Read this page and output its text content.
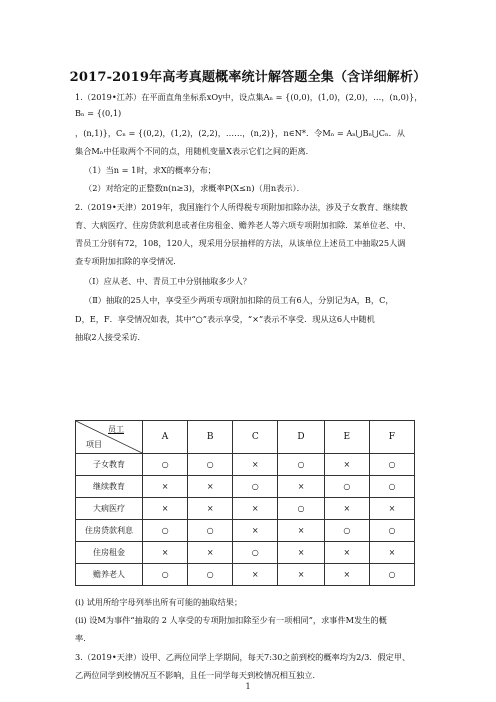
2017-2019年高考真题概率统计解答题全集（含详细解析）
1.（2019•江苏）在平面直角坐标系xOy中，设点集Aₙ = {(0,0)，(1,0)，(2,0)，…，(n,0)}，
Bₙ = {(0,1)
，(n,1)}，Cₙ = {(0,2)，(1,2)，(2,2)，……，(n,2)}，n∈N*．令Mₙ = Aₙ⋃Bₙ⋃Cₙ．从
集合Mₙ中任取两个不同的点，用随机变量X表示它们之间的距离．
（1）当n = 1时，求X的概率分布；
（2）对给定的正整数n(n≥3)，求概率P(X≤n)（用n表示）．
2.（2019•天津）2019年，我国施行个人所得税专项附加扣除办法，涉及子女教育、继续教
育、大病医疗、住房贷款利息或者住房租金、赡养老人等六项专项附加扣除．某单位老、中、
青员工分别有72，108，120人，现采用分层抽样的方法，从该单位上述员工中抽取25人调
查专项附加扣除的享受情况．
（Ⅰ）应从老、中、青员工中分别抽取多少人？
（Ⅱ）抽取的25人中，享受至少两项专项附加扣除的员工有6人，分别记为A，B，C，
D，E，F．享受情况如表，其中“○”表示享受，“×”表示不享受．现从这6人中随机
抽取2人接受采访．
员工
项目	A	B	C	D	E	F
子女教育	○	○	×	○	×	○
继续教育	×	×	○	×	○	○
大病医疗	×	×	×	○	×	×
住房贷款利息	○	○	×	×	○	○
住房租金	×	×	○	×	×	×
赡养老人	○	○	×	×	×	○
(i) 试用所给字母列举出所有可能的抽取结果；
(ii) 设M为事件“抽取的 2 人享受的专项附加扣除至少有一项相同”，求事件M发生的概
率．
3.（2019•天津）设甲、乙两位同学上学期间，每天7:30之前到校的概率均为2/3．假定甲、
乙两位同学到校情况互不影响，且任一同学每天到校情况相互独立．
1
